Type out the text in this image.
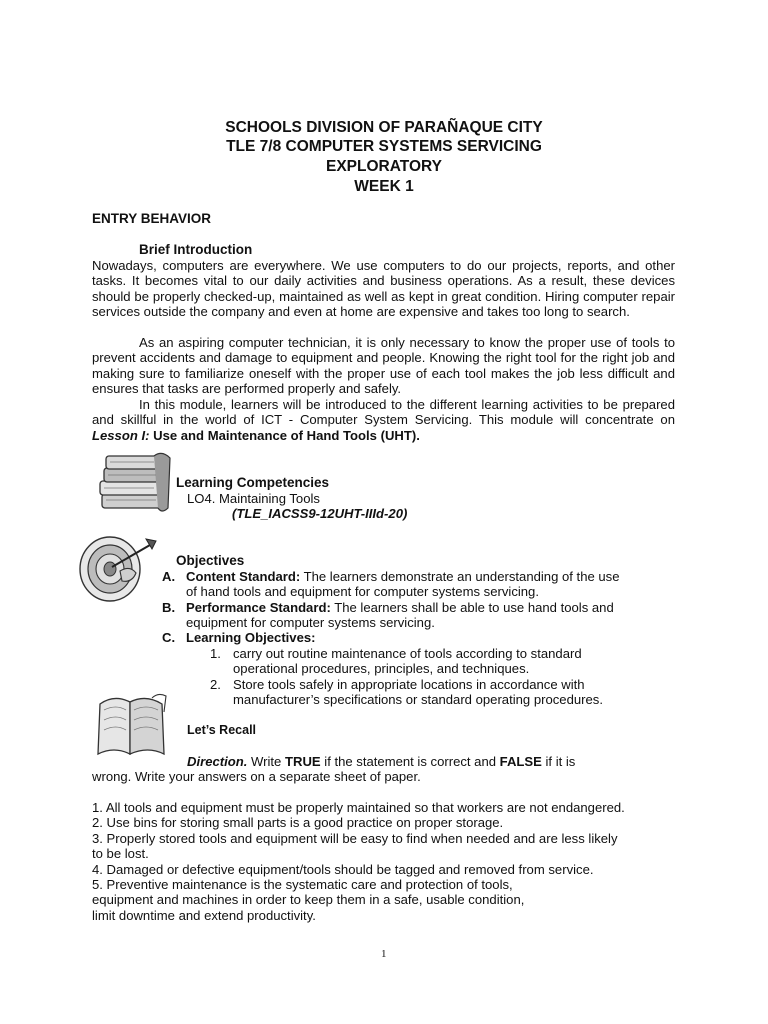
SCHOOLS DIVISION OF PARAÑAQUE CITY
TLE 7/8 COMPUTER SYSTEMS SERVICING
EXPLORATORY
WEEK 1
ENTRY BEHAVIOR
Brief Introduction
Nowadays, computers are everywhere. We use computers to do our projects, reports, and other tasks. It becomes vital to our daily activities and business operations. As a result, these devices should be properly checked-up, maintained as well as kept in great condition. Hiring computer repair services outside the company and even at home are expensive and takes too long to search.
As an aspiring computer technician, it is only necessary to know the proper use of tools to prevent accidents and damage to equipment and people. Knowing the right tool for the right job and making sure to familiarize oneself with the proper use of each tool makes the job less difficult and ensures that tasks are performed properly and safely.
In this module, learners will be introduced to the different learning activities to be prepared and skillful in the world of ICT - Computer System Servicing. This module will concentrate on Lesson I: Use and Maintenance of Hand Tools (UHT).
Learning Competencies
LO4. Maintaining Tools
(TLE_IACSS9-12UHT-IIId-20)
Objectives
A. Content Standard: The learners demonstrate an understanding of the use
of hand tools and equipment for computer systems servicing.
B. Performance Standard: The learners shall be able to use hand tools and
equipment for computer systems servicing.
C. Learning Objectives:
1. carry out routine maintenance of tools according to standard
operational procedures, principles, and techniques.
2. Store tools safely in appropriate locations in accordance with
manufacturer’s specifications or standard operating procedures.
Let’s Recall
Direction. Write TRUE if the statement is correct and FALSE if it is
wrong. Write your answers on a separate sheet of paper.
1. All tools and equipment must be properly maintained so that workers are not endangered.
2. Use bins for storing small parts is a good practice on proper storage.
3. Properly stored tools and equipment will be easy to find when needed and are less likely
to be lost.
4. Damaged or defective equipment/tools should be tagged and removed from service.
5. Preventive maintenance is the systematic care and protection of tools,
equipment and machines in order to keep them in a safe, usable condition,
limit downtime and extend productivity.
1
